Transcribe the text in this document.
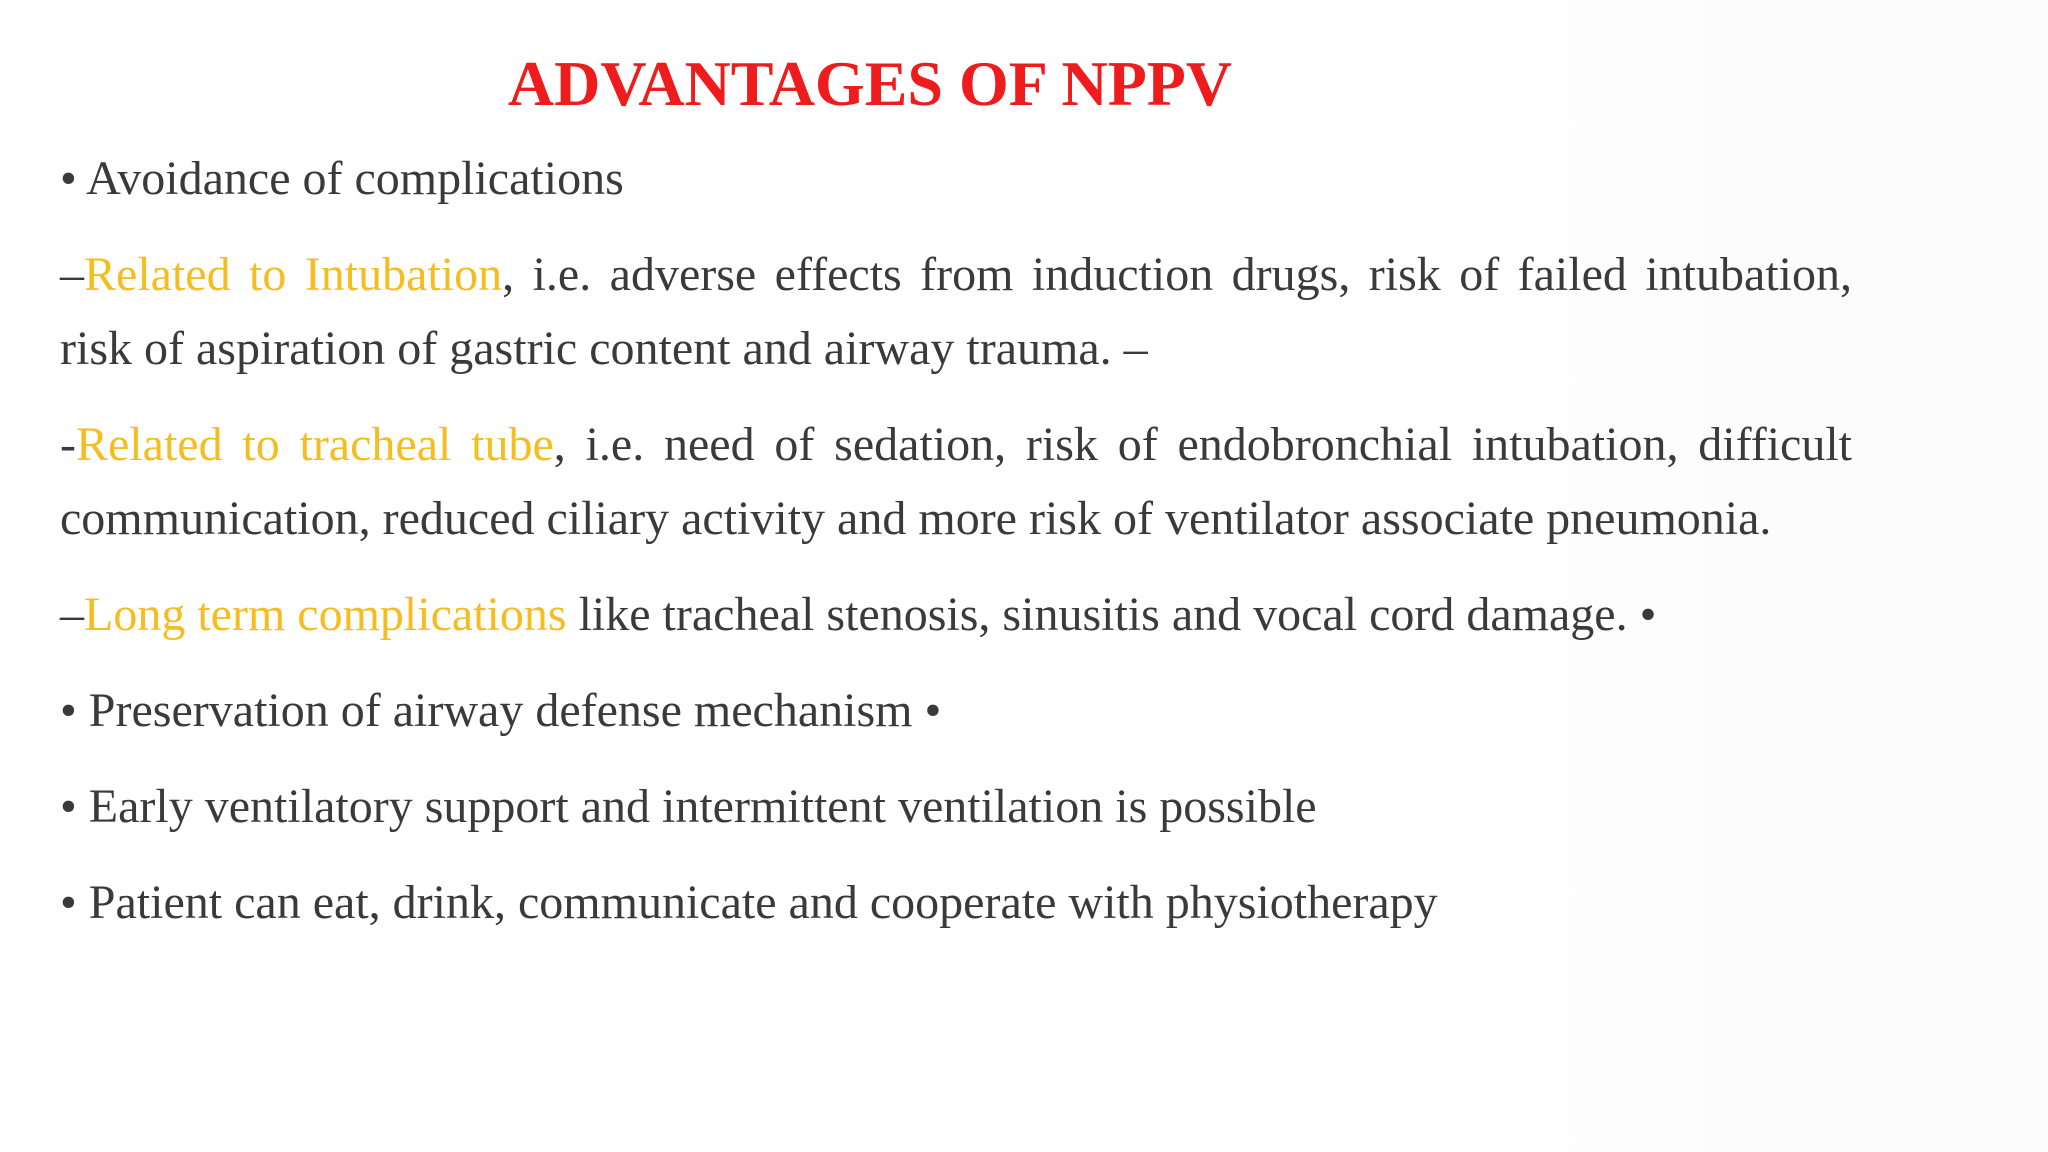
ADVANTAGES OF NPPV

• Avoidance of complications

–Related to Intubation, i.e. adverse effects from induction drugs, risk of failed intubation, risk of aspiration of gastric content and airway trauma. –

-Related to tracheal tube, i.e. need of sedation, risk of endobronchial intubation, difficult communication, reduced ciliary activity and more risk of ventilator associate pneumonia.

–Long term complications like tracheal stenosis, sinusitis and vocal cord damage. •

• Preservation of airway defense mechanism •

• Early ventilatory support and intermittent ventilation is possible

• Patient can eat, drink, communicate and cooperate with physiotherapy
